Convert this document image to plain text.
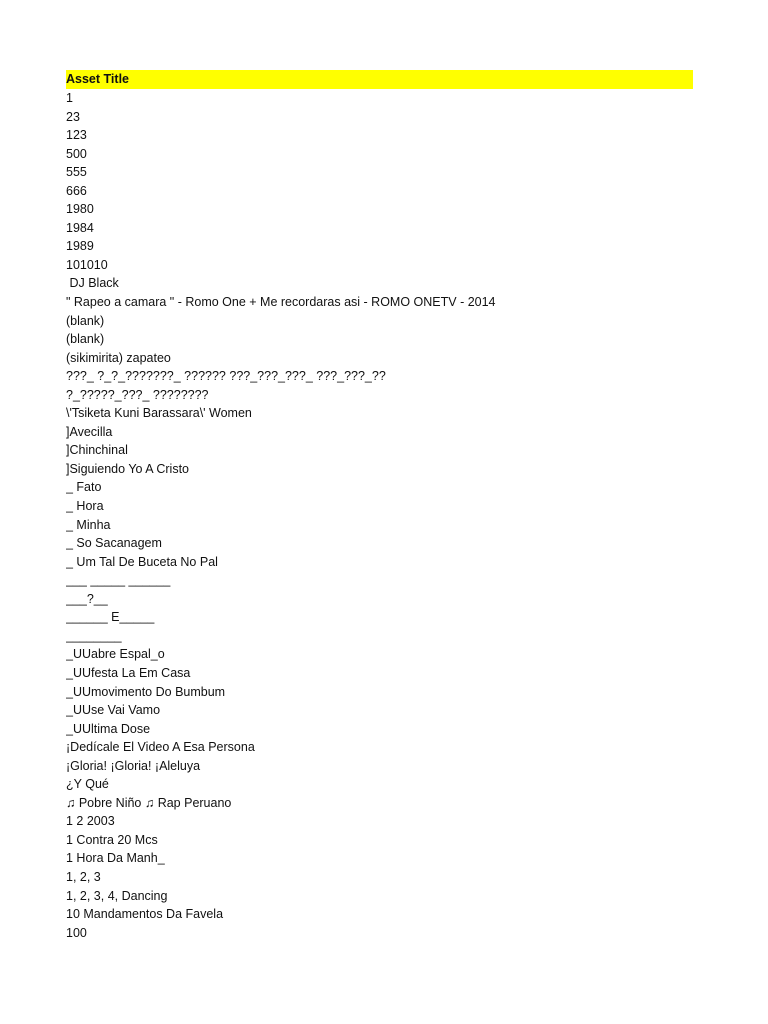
Asset Title
1
23
123
500
555
666
1980
1984
1989
101010
DJ Black
" Rapeo a camara " - Romo One + Me recordaras asi - ROMO ONETV - 2014
(blank)
(blank)
(sikimirita) zapateo
???_ ?_?_???????_ ?????? ???_???_???_ ???_???_??
?_?????_???_ ????????
\'Tsiketa Kuni Barassara\' Women
]Avecilla
]Chinchinal
]Siguiendo Yo A Cristo
_ Fato
_ Hora
_ Minha
_ So Sacanagem
_ Um Tal De Buceta No Pal
___ _____ ______
___?__
______ E_____
________
_UUabre Espal_o
_UUfesta La Em Casa
_UUmovimento Do Bumbum
_UUse Vai Vamo
_UUltima Dose
¡Dedícale El Video A Esa Persona
¡Gloria! ¡Gloria! ¡Aleluya
¿Y Qué
♫ Pobre Niño ♫ Rap Peruano
1 2 2003
1 Contra 20 Mcs
1 Hora Da Manh_
1, 2, 3
1, 2, 3, 4, Dancing
10 Mandamentos Da Favela
100
